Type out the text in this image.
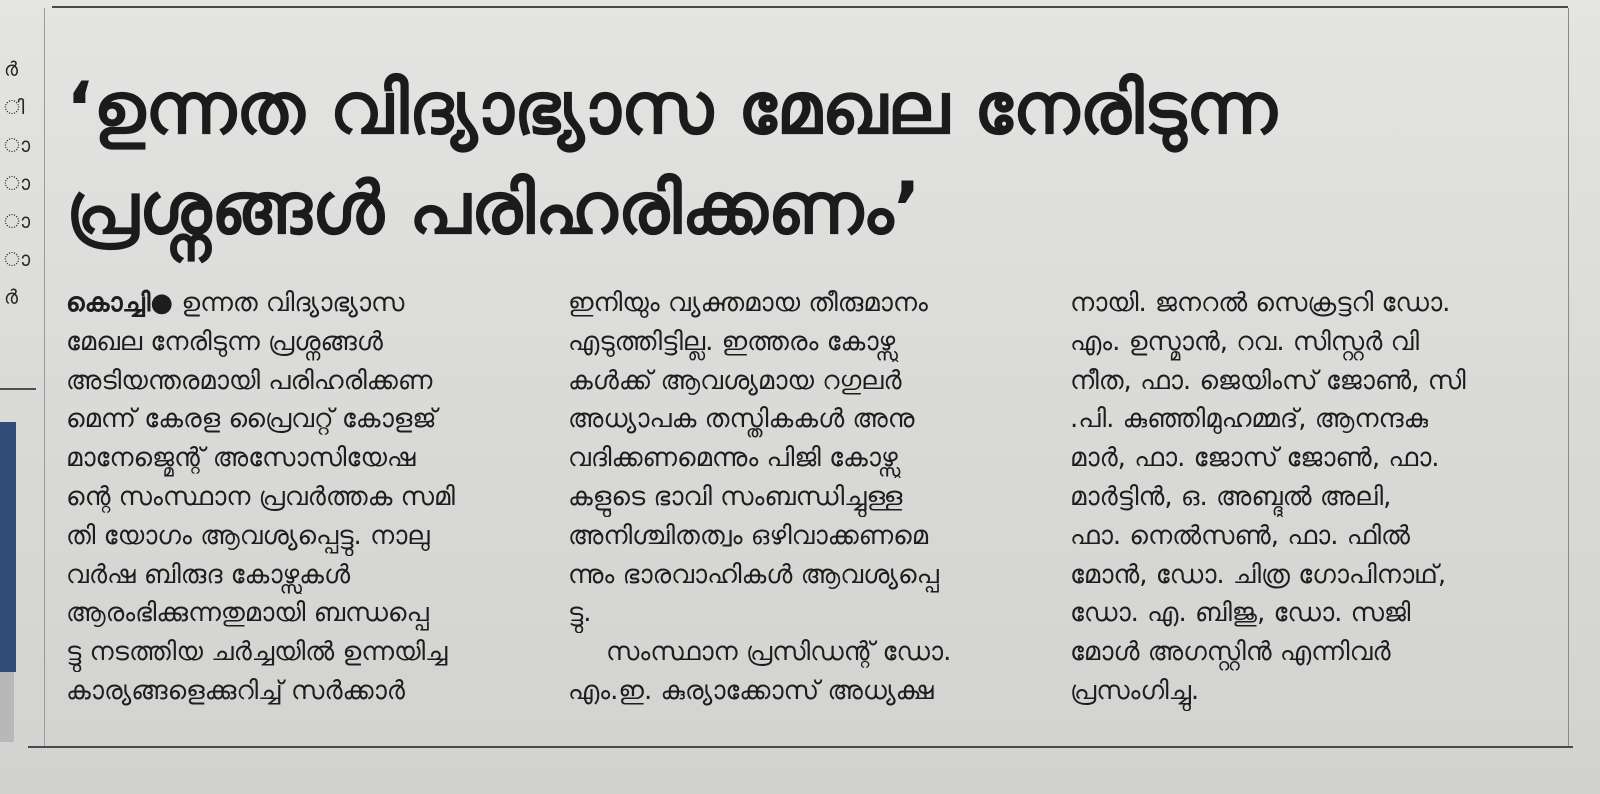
ർ
ി
ാ
ാ
ാ
ാ
ർ
‘ഉന്നത വിദ്യാഭ്യാസ മേഖല നേരിടുന്ന
പ്രശ്നങ്ങൾ പരിഹരിക്കണം’
കൊച്ചി● ഉന്നത വിദ്യാഭ്യാസ
മേഖല നേരിടുന്ന പ്രശ്നങ്ങൾ
അടിയന്തരമായി പരിഹരിക്കണ
മെന്ന് കേരള പ്രൈവറ്റ് കോളജ്
മാനേജ്മെന്റ് അസോസിയേഷ
ന്റെ സംസ്ഥാന പ്രവർത്തക സമി
തി യോഗം ആവശ്യപ്പെട്ടു. നാലു
വർഷ ബിരുദ കോഴ്സുകൾ
ആരംഭിക്കുന്നതുമായി ബന്ധപ്പെ
ട്ടു നടത്തിയ ചർച്ചയിൽ ഉന്നയിച്ച
കാര്യങ്ങളെക്കുറിച്ച് സർക്കാർ
ഇനിയും വ്യക്തമായ തീരുമാനം
എടുത്തിട്ടില്ല. ഇത്തരം കോഴ്സു
കൾക്ക് ആവശ്യമായ റഗുലർ
അധ്യാപക തസ്തികകൾ അനു
വദിക്കണമെന്നും പിജി കോഴ്സു
കളുടെ ഭാവി സംബന്ധിച്ചുള്ള
അനിശ്ചിതത്വം ഒഴിവാക്കണമെ
ന്നും ഭാരവാഹികൾ ആവശ്യപ്പെ
ട്ടു.
സംസ്ഥാന പ്രസിഡന്റ് ഡോ.
എം.ഇ. കുര്യാക്കോസ് അധ്യക്ഷ
നായി. ജനറൽ സെക്രട്ടറി ഡോ.
എം. ഉസ്മാൻ, റവ. സിസ്റ്റർ വി
നീത, ഫാ. ജെയിംസ് ജോൺ, സി
.പി. കുഞ്ഞിമുഹമ്മദ്, ആനന്ദകു
മാർ, ഫാ. ജോസ് ജോൺ, ഫാ.
മാർട്ടിൻ, ഒ. അബ്ദുൽ അലി,
ഫാ. നെൽസൺ, ഫാ. ഫിൽ
മോൻ, ഡോ. ചിത്ര ഗോപിനാഥ്,
ഡോ. എ. ബിജു, ഡോ. സജി
മോൾ അഗസ്റ്റിൻ എന്നിവർ
പ്രസംഗിച്ചു.
